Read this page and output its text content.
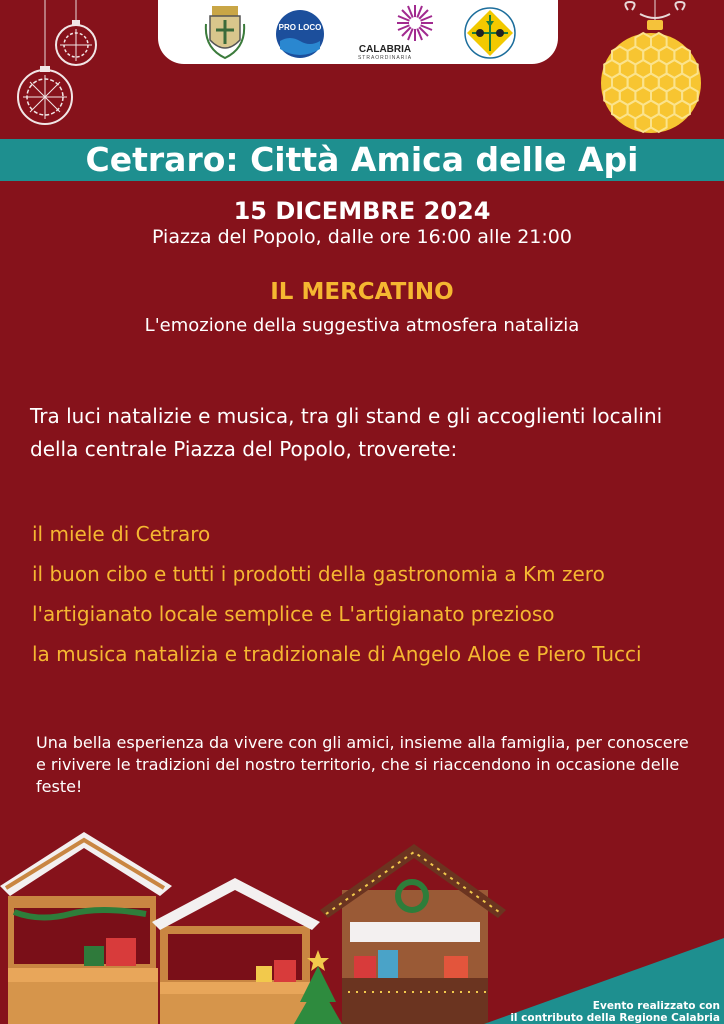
PRO LOCO
CALABRIA
STRAORDINARIA
Cetraro: Città Amica delle Api
15 DICEMBRE 2024
Piazza del Popolo, dalle ore 16:00 alle 21:00
IL MERCATINO
L'emozione della suggestiva atmosfera natalizia
Tra luci natalizie e musica, tra gli stand e gli accoglienti localini della centrale Piazza del Popolo, troverete:
il miele di Cetraro
il buon cibo e tutti i prodotti della gastronomia a Km zero
l'artigianato locale semplice e L'artigianato prezioso
la musica natalizia e tradizionale di Angelo Aloe e Piero Tucci
Una bella esperienza da vivere con gli amici, insieme alla famiglia, per conoscere e rivivere le tradizioni del nostro territorio, che si riaccendono in occasione delle feste!
Evento realizzato con
il contributo della Regione Calabria
